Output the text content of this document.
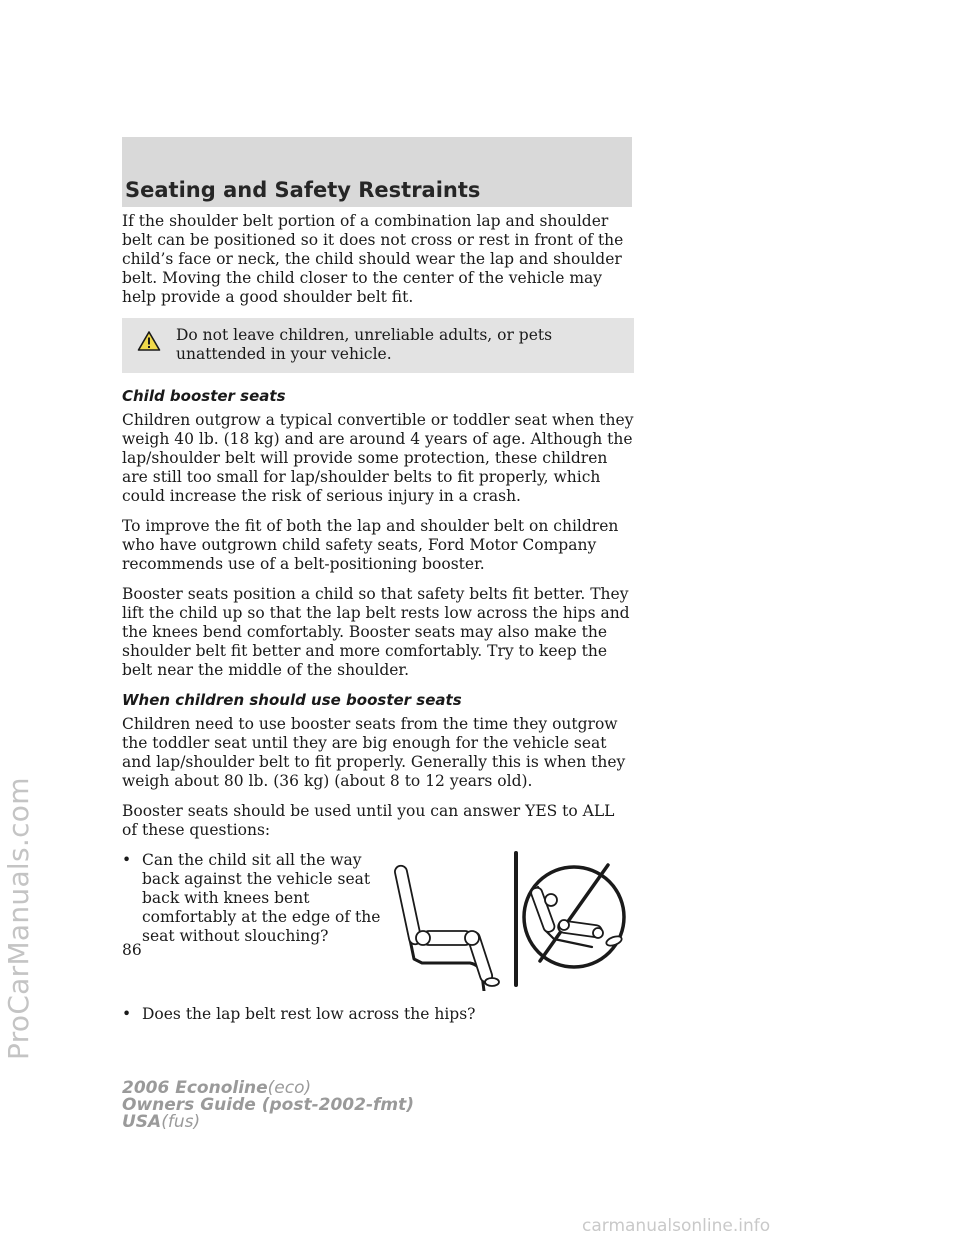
ProCarManuals.com
Seating and Safety Restraints

If the shoulder belt portion of a combination lap and shoulder belt can be positioned so it does not cross or rest in front of the child’s face or neck, the child should wear the lap and shoulder belt. Moving the child closer to the center of the vehicle may help provide a good shoulder belt fit.

Do not leave children, unreliable adults, or pets unattended in your vehicle.
Child booster seats

Children outgrow a typical convertible or toddler seat when they weigh 40 lb. (18 kg) and are around 4 years of age. Although the lap/shoulder belt will provide some protection, these children are still too small for lap/shoulder belts to fit properly, which could increase the risk of serious injury in a crash.

To improve the fit of both the lap and shoulder belt on children who have outgrown child safety seats, Ford Motor Company recommends use of a belt-positioning booster.

Booster seats position a child so that safety belts fit better. They lift the child up so that the lap belt rests low across the hips and the knees bend comfortably. Booster seats may also make the shoulder belt fit better and more comfortably. Try to keep the belt near the middle of the shoulder.

When children should use booster seats

Children need to use booster seats from the time they outgrow the toddler seat until they are big enough for the vehicle seat and lap/shoulder belt to fit properly. Generally this is when they weigh about 80 lb. (36 kg) (about 8 to 12 years old).

Booster seats should be used until you can answer YES to ALL of these questions:

• Can the child sit all the way back against the vehicle seat back with knees bent comfortably at the edge of the seat without slouching?
• Does the lap belt rest low across the hips?
86
2006 Econoline(eco)
Owners Guide (post-2002-fmt)
USA(fus)
carmanualsonline.info
